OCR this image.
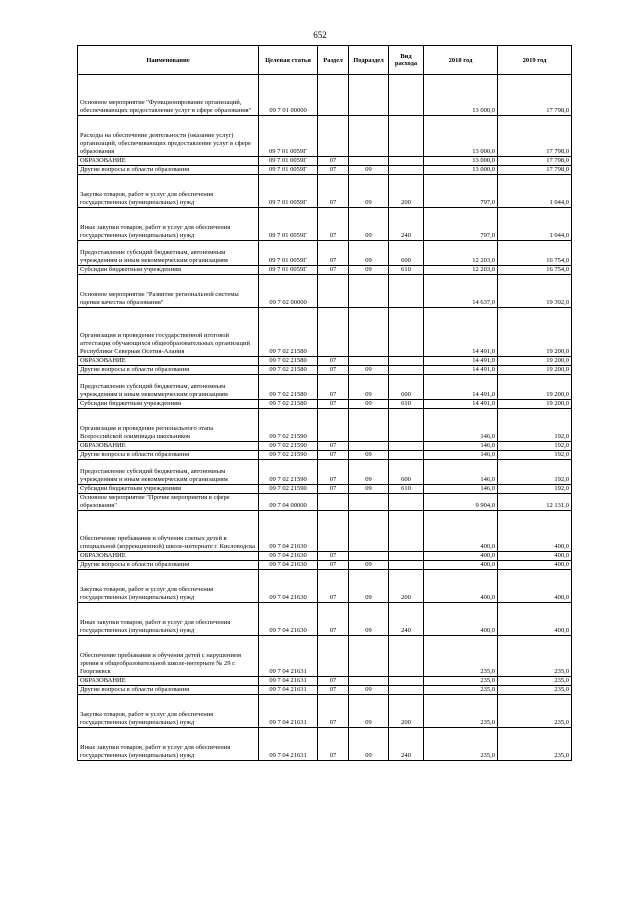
652
Наименование	Целевая статья	Раздел	Подраздел	Вид расхода	2018 год	2019 год
Основное мероприятие "Функционирование организаций, обеспечивающих предоставление услуг в сфере образования"	09 7 01 00000				13 000,0	17 798,0
Расходы на обеспечение деятельности (оказание услуг) организаций, обеспечивающих предоставление услуг в сфере образования	09 7 01 0059Г				13 000,0	17 798,0
ОБРАЗОВАНИЕ	09 7 01 0059Г	07			13 000,0	17 798,0
Другие вопросы в области образования	09 7 01 0059Г	07	09		13 000,0	17 798,0
Закупка товаров, работ и услуг для обеспечения государственных (муниципальных) нужд	09 7 01 0059Г	07	09	200	797,0	1 044,0
Иные закупки товаров, работ и услуг для обеспечения государственных (муниципальных) нужд	09 7 01 0059Г	07	09	240	797,0	1 044,0
Предоставление субсидий бюджетным, автономным учреждениям и иным некоммерческим организациям	09 7 01 0059Г	07	09	600	12 203,0	16 754,0
Субсидии бюджетным учреждениям	09 7 01 0059Г	07	09	610	12 203,0	16 754,0
Основное мероприятие "Развитие региональной системы оценки качества образования"	09 7 02 00000				14 637,0	19 392,0
Организация и проведение государственной итоговой аттестации обучающихся общеобразовательных организаций Республики Северная Осетия-Алания	09 7 02 21580				14 491,0	19 200,0
ОБРАЗОВАНИЕ	09 7 02 21580	07			14 491,0	19 200,0
Другие вопросы в области образования	09 7 02 21580	07	09		14 491,0	19 200,0
Предоставление субсидий бюджетным, автономным учреждениям и иным некоммерческим организациям	09 7 02 21580	07	09	600	14 491,0	19 200,0
Субсидии бюджетным учреждениям	09 7 02 21580	07	09	610	14 491,0	19 200,0
Организация и проведение регионального этапа Всероссийской олимпиады школьников	09 7 02 21590				146,0	192,0
ОБРАЗОВАНИЕ	09 7 02 21590	07			146,0	192,0
Другие вопросы в области образования	09 7 02 21590	07	09		146,0	192,0
Предоставление субсидий бюджетным, автономным учреждениям и иным некоммерческим организациям	09 7 02 21590	07	09	600	146,0	192,0
Субсидии бюджетным учреждениям	09 7 02 21590	07	09	610	146,0	192,0
Основное мероприятие "Прочие мероприятия в сфере образования"	09 7 04 00000				9 904,0	12 131,0
Обеспечение пребывания и обучения слепых детей в специальной (коррекционной) школе-интернате г. Кисловодска	09 7 04 21630				400,0	400,0
ОБРАЗОВАНИЕ	09 7 04 21630	07			400,0	400,0
Другие вопросы в области образования	09 7 04 21630	07	09		400,0	400,0
Закупка товаров, работ и услуг для обеспечения государственных (муниципальных) нужд	09 7 04 21630	07	09	200	400,0	400,0
Иные закупки товаров, работ и услуг для обеспечения государственных (муниципальных) нужд	09 7 04 21630	07	09	240	400,0	400,0
Обеспечение пребывания и обучения детей с нарушением зрения в общеобразовательной школе-интернате № 29 г. Георгиевск	09 7 04 21631				235,0	235,0
ОБРАЗОВАНИЕ	09 7 04 21631	07			235,0	235,0
Другие вопросы в области образования	09 7 04 21631	07	09		235,0	235,0
Закупка товаров, работ и услуг для обеспечения государственных (муниципальных) нужд	09 7 04 21631	07	09	200	235,0	235,0
Иные закупки товаров, работ и услуг для обеспечения государственных (муниципальных) нужд	09 7 04 21631	07	09	240	235,0	235,0
